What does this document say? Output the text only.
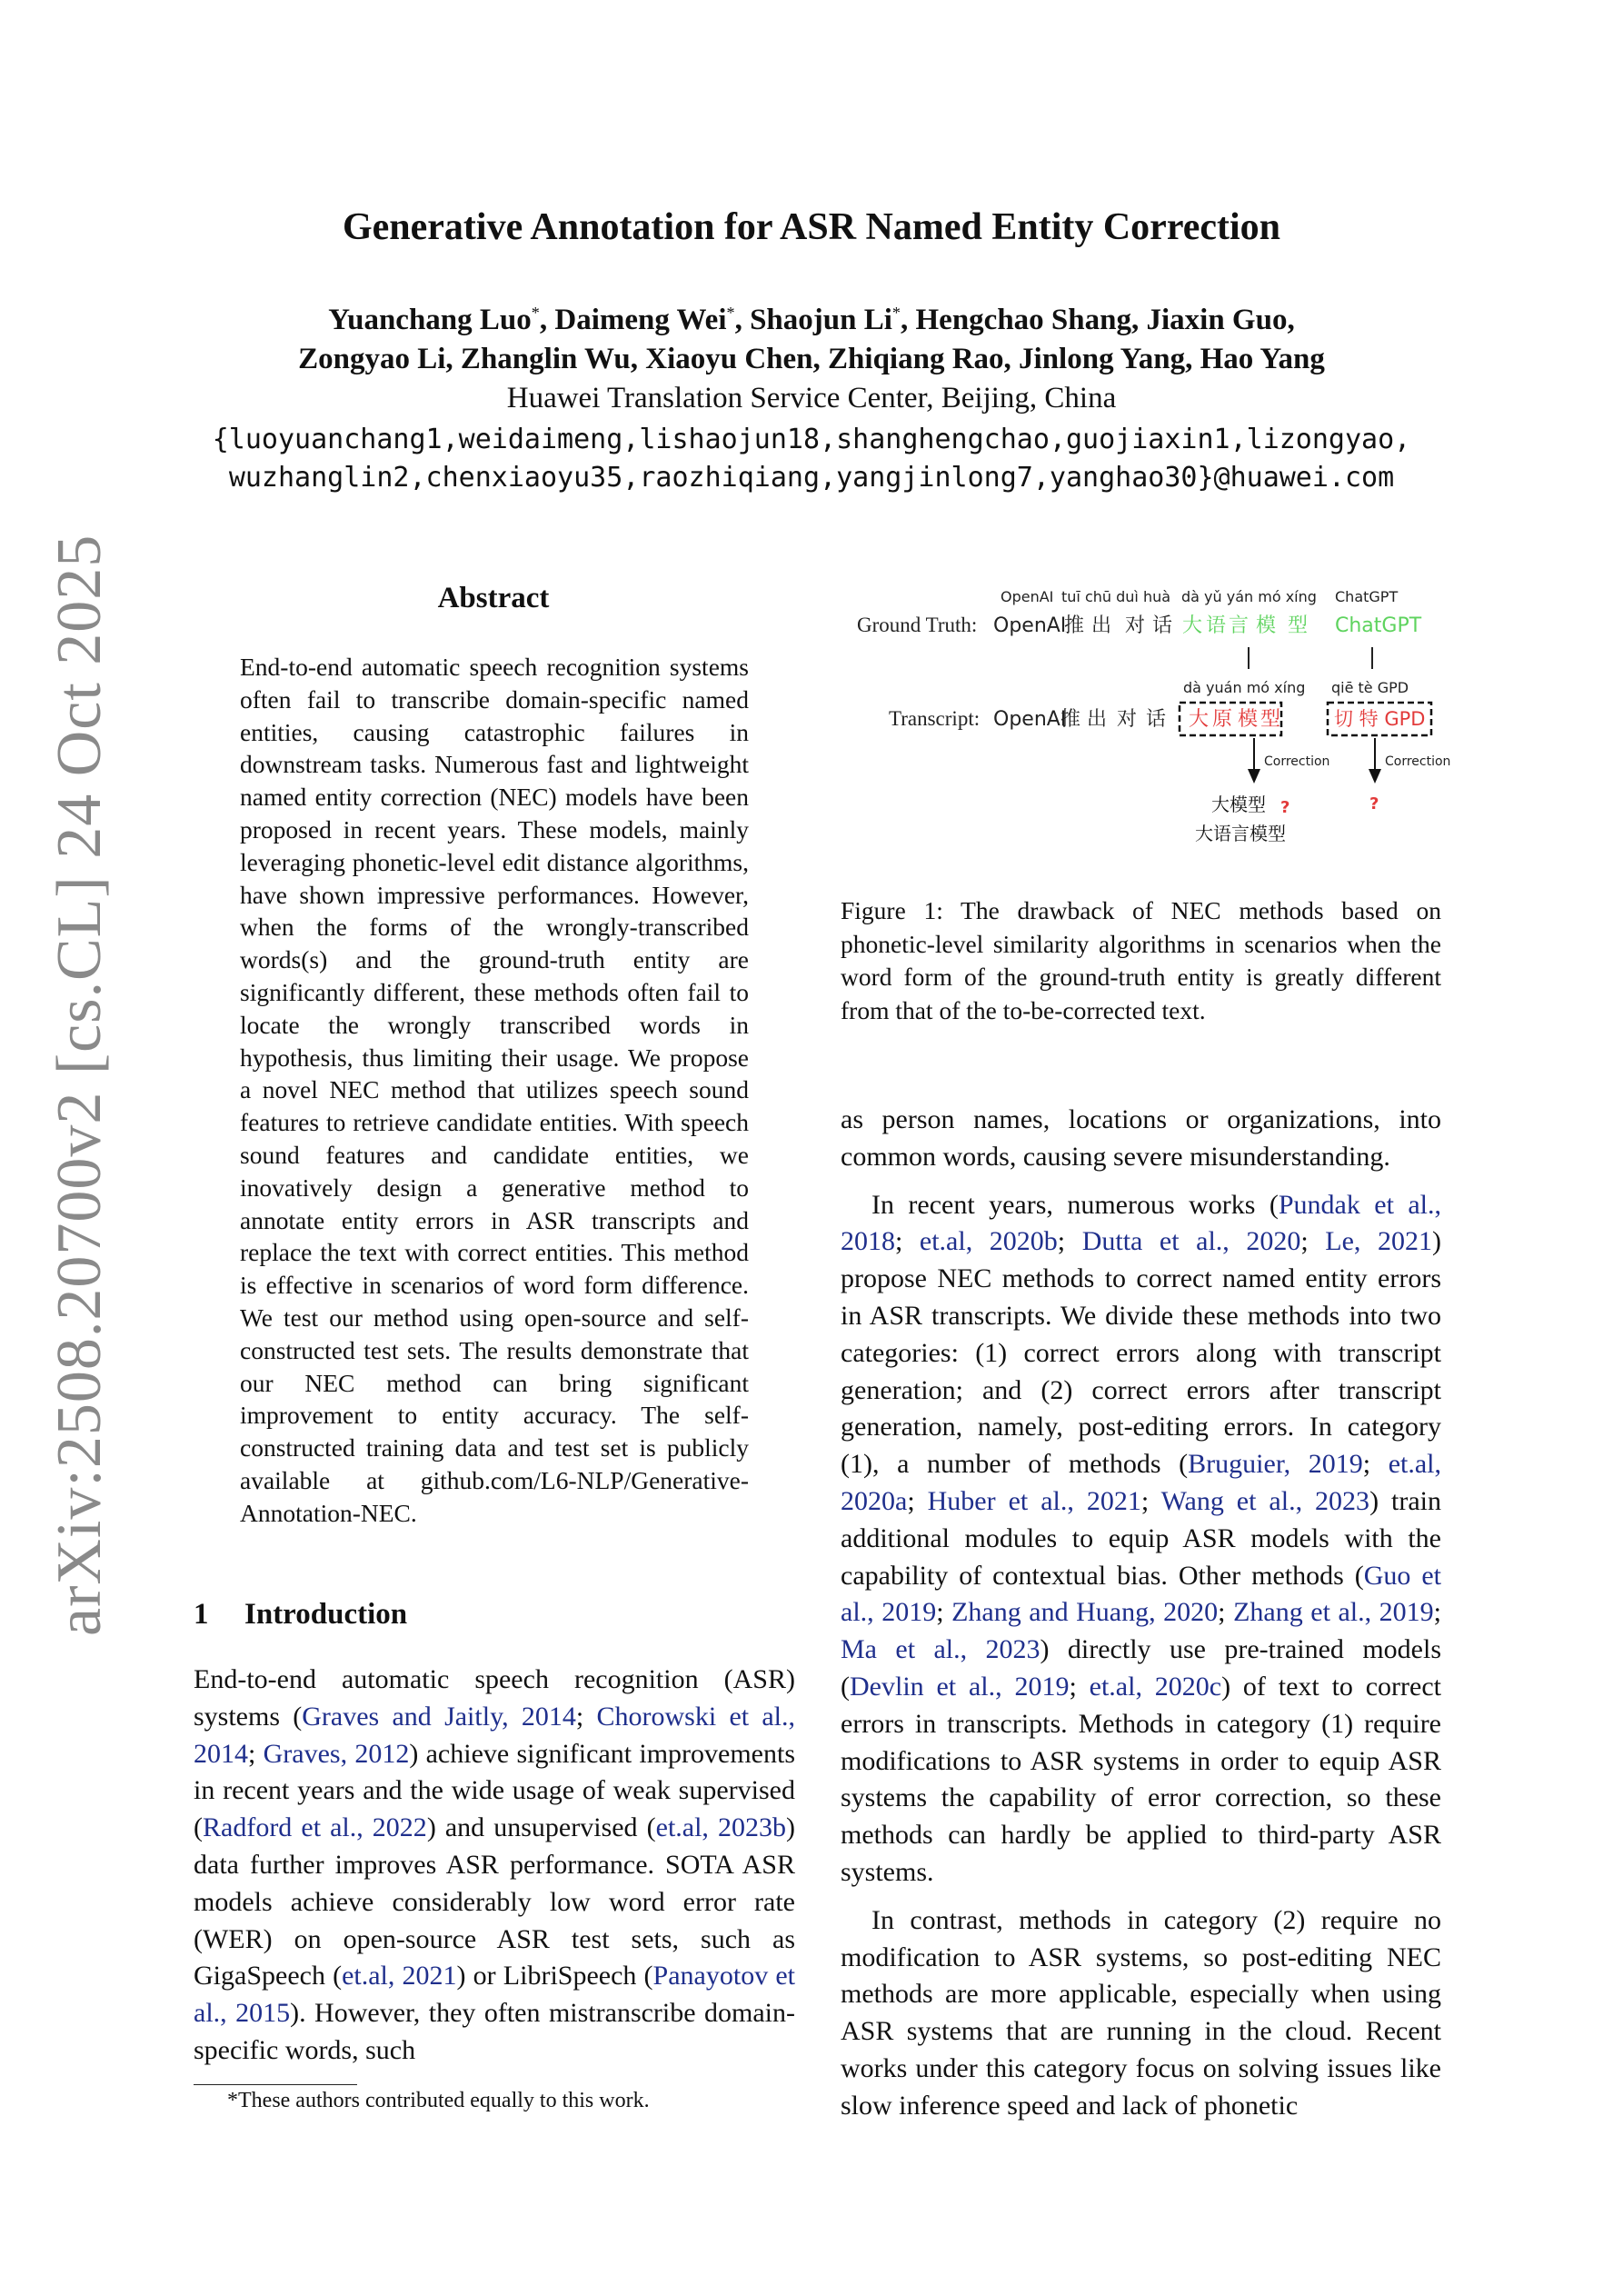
arXiv:2508.20700v2 [cs.CL] 24 Oct 2025
Generative Annotation for ASR Named Entity Correction
Yuanchang Luo*, Daimeng Wei*, Shaojun Li*, Hengchao Shang, Jiaxin Guo,
Zongyao Li, Zhanglin Wu, Xiaoyu Chen, Zhiqiang Rao, Jinlong Yang, Hao Yang
Huawei Translation Service Center, Beijing, China
{luoyuanchang1,weidaimeng,lishaojun18,shanghengchao,guojiaxin1,lizongyao,
wuzhanglin2,chenxiaoyu35,raozhiqiang,yangjinlong7,yanghao30}@huawei.com
Abstract
End-to-end automatic speech recognition systems often fail to transcribe domain-specific named entities, causing catastrophic failures in downstream tasks. Numerous fast and lightweight named entity correction (NEC) models have been proposed in recent years. These models, mainly leveraging phonetic-level edit distance algorithms, have shown impressive performances. However, when the forms of the wrongly-transcribed words(s) and the ground-truth entity are significantly different, these methods often fail to locate the wrongly transcribed words in hypothesis, thus limiting their usage. We propose a novel NEC method that utilizes speech sound features to retrieve candidate entities. With speech sound features and candidate entities, we inovatively design a generative method to annotate entity errors in ASR transcripts and replace the text with correct entities. This method is effective in scenarios of word form difference. We test our method using open-source and self-constructed test sets. The results demonstrate that our NEC method can bring significant improvement to entity accuracy. The self-constructed training data and test set is publicly available at github.com/L6-NLP/Generative-Annotation-NEC.
1 Introduction

End-to-end automatic speech recognition (ASR) systems (Graves and Jaitly, 2014; Chorowski et al., 2014; Graves, 2012) achieve significant improvements in recent years and the wide usage of weak supervised (Radford et al., 2022) and unsupervised (et.al, 2023b) data further improves ASR performance. SOTA ASR models achieve considerably low word error rate (WER) on open-source ASR test sets, such as GigaSpeech (et.al, 2021) or LibriSpeech (Panayotov et al., 2015). However, they often mistranscribe domain-specific words, such

*These authors contributed equally to this work.
OpenAI tuī chū duì huà dà yǔ yán mó xíng ChatGPT
Ground Truth: OpenAI
推 出 对 话 大 语 言 模 型 ChatGPT
dà yuán mó xíng qiē tè GPD
Transcript: OpenAI
推 出 对 话 大 原 模 型	切 特 GPD
Correction	Correction
大模型 ?	?
大语言模型
Figure 1: The drawback of NEC methods based on phonetic-level similarity algorithms in scenarios when the word form of the ground-truth entity is greatly different from that of the to-be-corrected text.

as person names, locations or organizations, into common words, causing severe misunderstanding.

In recent years, numerous works (Pundak et al., 2018; et.al, 2020b; Dutta et al., 2020; Le, 2021) propose NEC methods to correct named entity errors in ASR transcripts. We divide these methods into two categories: (1) correct errors along with transcript generation; and (2) correct errors after transcript generation, namely, post-editing errors. In category (1), a number of methods (Bruguier, 2019; et.al, 2020a; Huber et al., 2021; Wang et al., 2023) train additional modules to equip ASR models with the capability of contextual bias. Other methods (Guo et al., 2019; Zhang and Huang, 2020; Zhang et al., 2019; Ma et al., 2023) directly use pre-trained models (Devlin et al., 2019; et.al, 2020c) of text to correct errors in transcripts. Methods in category (1) require modifications to ASR systems in order to equip ASR systems the capability of error correction, so these methods can hardly be applied to third-party ASR systems.

In contrast, methods in category (2) require no modification to ASR systems, so post-editing NEC methods are more applicable, especially when using ASR systems that are running in the cloud. Recent works under this category focus on solving issues like slow inference speed and lack of phonetic
